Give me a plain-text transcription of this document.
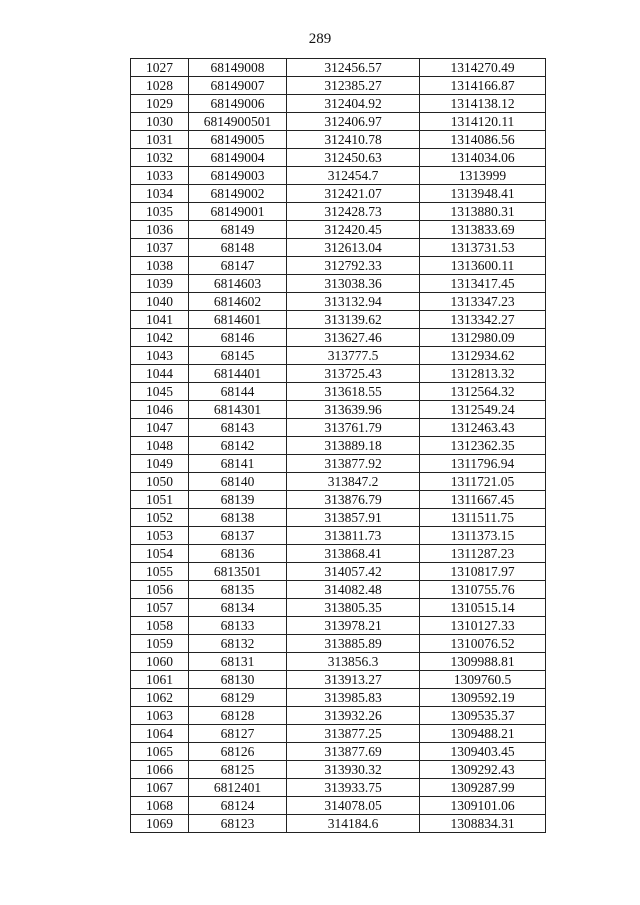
289
1027	68149008	312456.57	1314270.49
1028	68149007	312385.27	1314166.87
1029	68149006	312404.92	1314138.12
1030	6814900501	312406.97	1314120.11
1031	68149005	312410.78	1314086.56
1032	68149004	312450.63	1314034.06
1033	68149003	312454.7	1313999
1034	68149002	312421.07	1313948.41
1035	68149001	312428.73	1313880.31
1036	68149	312420.45	1313833.69
1037	68148	312613.04	1313731.53
1038	68147	312792.33	1313600.11
1039	6814603	313038.36	1313417.45
1040	6814602	313132.94	1313347.23
1041	6814601	313139.62	1313342.27
1042	68146	313627.46	1312980.09
1043	68145	313777.5	1312934.62
1044	6814401	313725.43	1312813.32
1045	68144	313618.55	1312564.32
1046	6814301	313639.96	1312549.24
1047	68143	313761.79	1312463.43
1048	68142	313889.18	1312362.35
1049	68141	313877.92	1311796.94
1050	68140	313847.2	1311721.05
1051	68139	313876.79	1311667.45
1052	68138	313857.91	1311511.75
1053	68137	313811.73	1311373.15
1054	68136	313868.41	1311287.23
1055	6813501	314057.42	1310817.97
1056	68135	314082.48	1310755.76
1057	68134	313805.35	1310515.14
1058	68133	313978.21	1310127.33
1059	68132	313885.89	1310076.52
1060	68131	313856.3	1309988.81
1061	68130	313913.27	1309760.5
1062	68129	313985.83	1309592.19
1063	68128	313932.26	1309535.37
1064	68127	313877.25	1309488.21
1065	68126	313877.69	1309403.45
1066	68125	313930.32	1309292.43
1067	6812401	313933.75	1309287.99
1068	68124	314078.05	1309101.06
1069	68123	314184.6	1308834.31
